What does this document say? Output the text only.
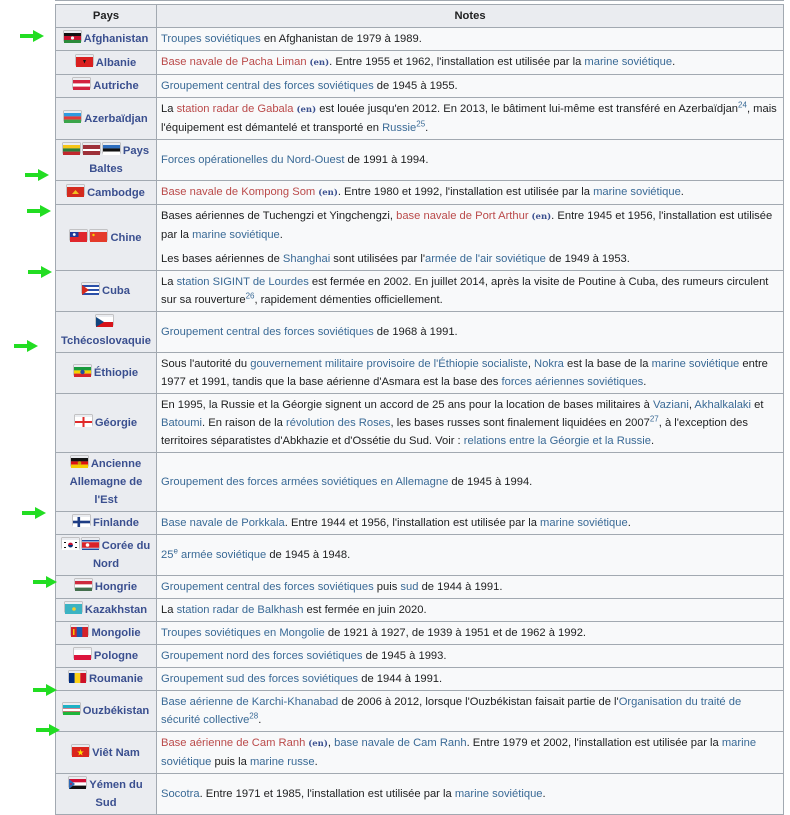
Pays	Notes
Afghanistan	Troupes soviétiques en Afghanistan de 1979 à 1989.

Albanie	Base navale de Pacha Liman (en). Entre 1955 et 1962, l'installation est utilisée par la marine soviétique.

Autriche	Groupement central des forces soviétiques de 1945 à 1955.

Azerbaïdjan	La station radar de Gabala (en) est louée jusqu'en 2012. En 2013, le bâtiment lui-même est transféré en Azerbaïdjan$^{24}$, mais l'équipement est démantelé et transporté en Russie$^{25}$.

Pays Baltes	Forces opérationelles du Nord-Ouest de 1991 à 1994.

Cambodge	Base navale de Kompong Som (en). Entre 1980 et 1992, l'installation est utilisée par la marine soviétique.

Chine	Bases aériennes de Tuchengzi et Yingchengzi, base navale de Port Arthur (en). Entre 1945 et 1956, l'installation est utilisée par la marine soviétique.

Les bases aériennes de Shanghai sont utilisées par l'armée de l'air soviétique de 1949 à 1953.

Cuba	La station SIGINT de Lourdes est fermée en 2002. En juillet 2014, après la visite de Poutine à Cuba, des rumeurs circulent sur sa rouverture$^{26}$, rapidement démenties officiellement.

Tchécoslovaquie	Groupement central des forces soviétiques de 1968 à 1991.

Éthiopie	Sous l'autorité du gouvernement militaire provisoire de l'Éthiopie socialiste, Nokra est la base de la marine soviétique entre 1977 et 1991, tandis que la base aérienne d'Asmara est la base des forces aériennes soviétiques.

Géorgie	En 1995, la Russie et la Géorgie signent un accord de 25 ans pour la location de bases militaires à Vaziani, Akhalkalaki et Batoumi. En raison de la révolution des Roses, les bases russes sont finalement liquidées en 2007$^{27}$, à l'exception des territoires séparatistes d'Abkhazie et d'Ossétie du Sud. Voir : relations entre la Géorgie et la Russie.

Ancienne Allemagne de l'Est	Groupement des forces armées soviétiques en Allemagne de 1945 à 1994.

Finlande	Base navale de Porkkala. Entre 1944 et 1956, l'installation est utilisée par la marine soviétique.

Corée du Nord	25e armée soviétique de 1945 à 1948.

Hongrie	Groupement central des forces soviétiques puis sud de 1944 à 1991.

Kazakhstan	La station radar de Balkhash est fermée en juin 2020.

Mongolie	Troupes soviétiques en Mongolie de 1921 à 1927, de 1939 à 1951 et de 1962 à 1992.

Pologne	Groupement nord des forces soviétiques de 1945 à 1993.

Roumanie	Groupement sud des forces soviétiques de 1944 à 1991.

Ouzbékistan	Base aérienne de Karchi-Khanabad de 2006 à 2012, lorsque l'Ouzbékistan faisait partie de l'Organisation du traité de sécurité collective$^{28}$.

Viêt Nam	Base aérienne de Cam Ranh (en), base navale de Cam Ranh. Entre 1979 et 2002, l'installation est utilisée par la marine soviétique puis la marine russe.

Yémen du Sud	Socotra. Entre 1971 et 1985, l'installation est utilisée par la marine soviétique.
